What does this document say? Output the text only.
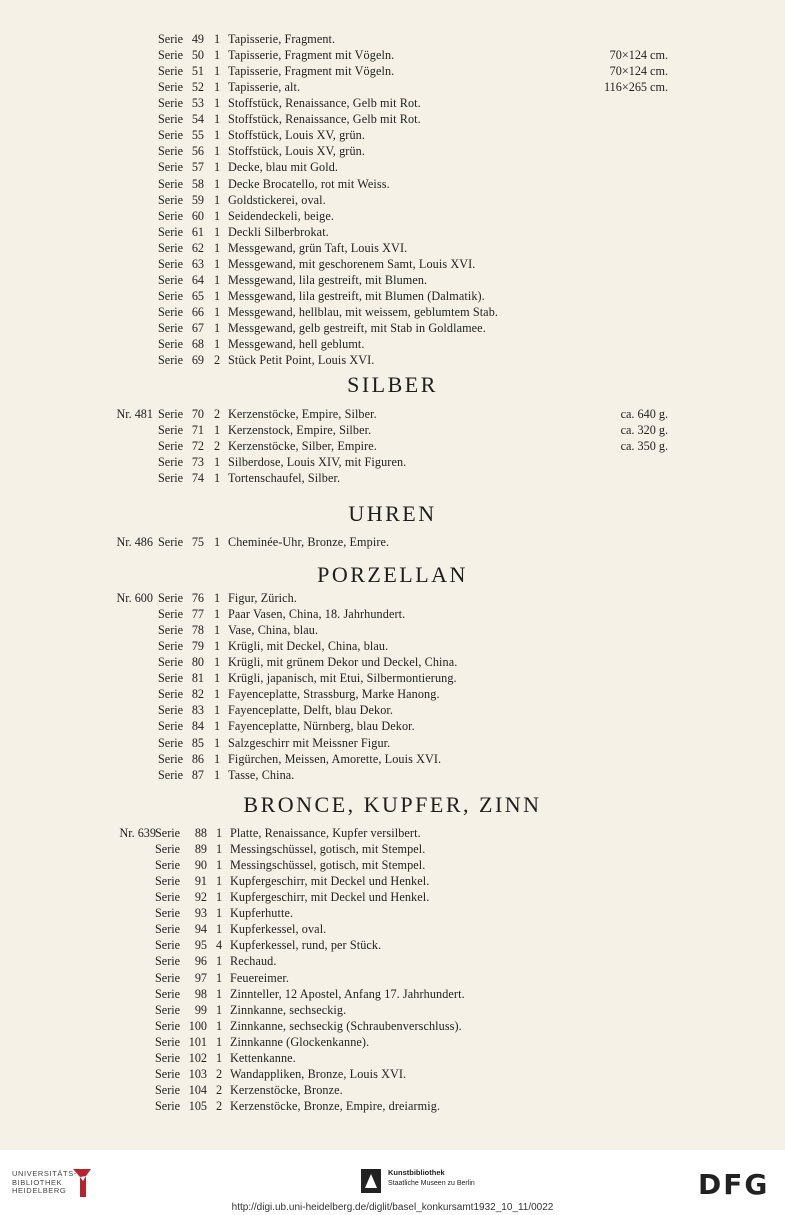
Serie 49 1 Tapisserie, Fragment.
Serie 50 1 Tapisserie, Fragment mit Vögeln.	70×124 cm.
Serie 51 1 Tapisserie, Fragment mit Vögeln.	70×124 cm.
Serie 52 1 Tapisserie, alt.	116×265 cm.
Serie 53 1 Stoffstück, Renaissance, Gelb mit Rot.
Serie 54 1 Stoffstück, Renaissance, Gelb mit Rot.
Serie 55 1 Stoffstück, Louis XV, grün.
Serie 56 1 Stoffstück, Louis XV, grün.
Serie 57 1 Decke, blau mit Gold.
Serie 58 1 Decke Brocatello, rot mit Weiss.
Serie 59 1 Goldstickerei, oval.
Serie 60 1 Seidendeckeli, beige.
Serie 61 1 Deckli Silberbrokat.
Serie 62 1 Messgewand, grün Taft, Louis XVI.
Serie 63 1 Messgewand, mit geschorenem Samt, Louis XVI.
Serie 64 1 Messgewand, lila gestreift, mit Blumen.
Serie 65 1 Messgewand, lila gestreift, mit Blumen (Dalmatik).
Serie 66 1 Messgewand, hellblau, mit weissem, geblumtem Stab.
Serie 67 1 Messgewand, gelb gestreift, mit Stab in Goldlamee.
Serie 68 1 Messgewand, hell geblumt.
Serie 69 2 Stück Petit Point, Louis XVI.
SILBER
Nr. 481 Serie 70 2 Kerzenstöcke, Empire, Silber.	ca. 640 g.
Serie 71 1 Kerzenstock, Empire, Silber.	ca. 320 g.
Serie 72 2 Kerzenstöcke, Silber, Empire.	ca. 350 g.
Serie 73 1 Silberdose, Louis XIV, mit Figuren.
Serie 74 1 Tortenschaufel, Silber.
UHREN
Nr. 486 Serie 75 1 Cheminée-Uhr, Bronze, Empire.
PORZELLAN
Nr. 600 Serie 76 1 Figur, Zürich.
Serie 77 1 Paar Vasen, China, 18. Jahrhundert.
Serie 78 1 Vase, China, blau.
Serie 79 1 Krügli, mit Deckel, China, blau.
Serie 80 1 Krügli, mit grünem Dekor und Deckel, China.
Serie 81 1 Krügli, japanisch, mit Etui, Silbermontierung.
Serie 82 1 Fayenceplatte, Strassburg, Marke Hanong.
Serie 83 1 Fayenceplatte, Delft, blau Dekor.
Serie 84 1 Fayenceplatte, Nürnberg, blau Dekor.
Serie 85 1 Salzgeschirr mit Meissner Figur.
Serie 86 1 Figürchen, Meissen, Amorette, Louis XVI.
Serie 87 1 Tasse, China.
BRONCE, KUPFER, ZINN
Nr. 639 Serie 88 1 Platte, Renaissance, Kupfer versilbert.
Serie 89 1 Messingschüssel, gotisch, mit Stempel.
Serie 90 1 Messingschüssel, gotisch, mit Stempel.
Serie 91 1 Kupfergeschirr, mit Deckel und Henkel.
Serie 92 1 Kupfergeschirr, mit Deckel und Henkel.
Serie 93 1 Kupferhutte.
Serie 94 1 Kupferkessel, oval.
Serie 95 4 Kupferkessel, rund, per Stück.
Serie 96 1 Rechaud.
Serie 97 1 Feuereimer.
Serie 98 1 Zinnteller, 12 Apostel, Anfang 17. Jahrhundert.
Serie 99 1 Zinnkanne, sechseckig.
Serie 100 1 Zinnkanne, sechseckig (Schraubenverschluss).
Serie 101 1 Zinnkanne (Glockenkanne).
Serie 102 1 Kettenkanne.
Serie 103 2 Wandappliken, Bronze, Louis XVI.
Serie 104 2 Kerzenstöcke, Bronze.
Serie 105 2 Kerzenstöcke, Bronze, Empire, dreiarmig.
UNIVERSITÄTS-
BIBLIOTHEK
HEIDELBERG
Kunstbibliothek
Staatliche Museen zu Berlin	DFG
http://digi.ub.uni-heidelberg.de/diglit/basel_konkursamt1932_10_11/0022
